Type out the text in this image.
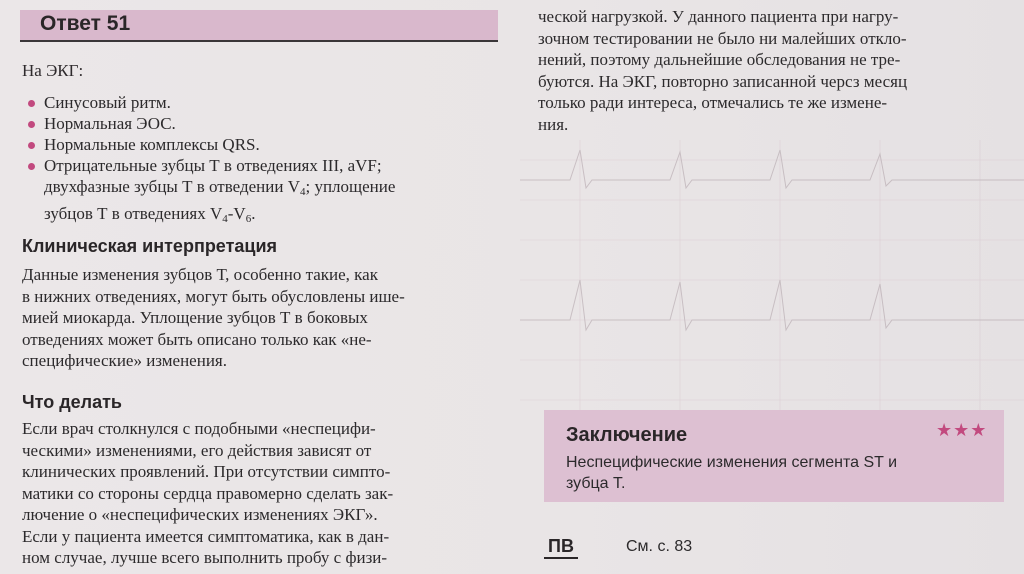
Ответ 51
На ЭКГ:
Синусовый ритм.
Нормальная ЭОС.
Нормальные комплексы QRS.
Отрицательные зубцы Т в отведениях III, aVF;
двухфазные зубцы Т в отведении $V_4$; уплощение
зубцов Т в отведениях $V_4-V_6$.
Клиническая интерпретация
Данные изменения зубцов Т, особенно такие, как
в нижних отведениях, могут быть обусловлены ише-
мией миокарда. Уплощение зубцов Т в боковых
отведениях может быть описано только как «не-
специфические» изменения.
Что делать
Если врач столкнулся с подобными «неспецифи-
ческими» изменениями, его действия зависят от
клинических проявлений. При отсутствии симпто-
матики со стороны сердца правомерно сделать зак-
лючение о «неспецифических изменениях ЭКГ».
Если у пациента имеется симптоматика, как в дан-
ном случае, лучше всего выполнить пробу с физи-
ческой нагрузкой. У данного пациента при нагру-
зочном тестировании не было ни малейших откло-
нений, поэтому дальнейшие обследования не тре-
буются. На ЭКГ, повторно записанной черсз месяц
только ради интереса, отмечались те же измене-
ния.
Заключение	★★★
Неспецифические изменения сегмента ST и
зубца Т.
ПВ	См. с. 83
